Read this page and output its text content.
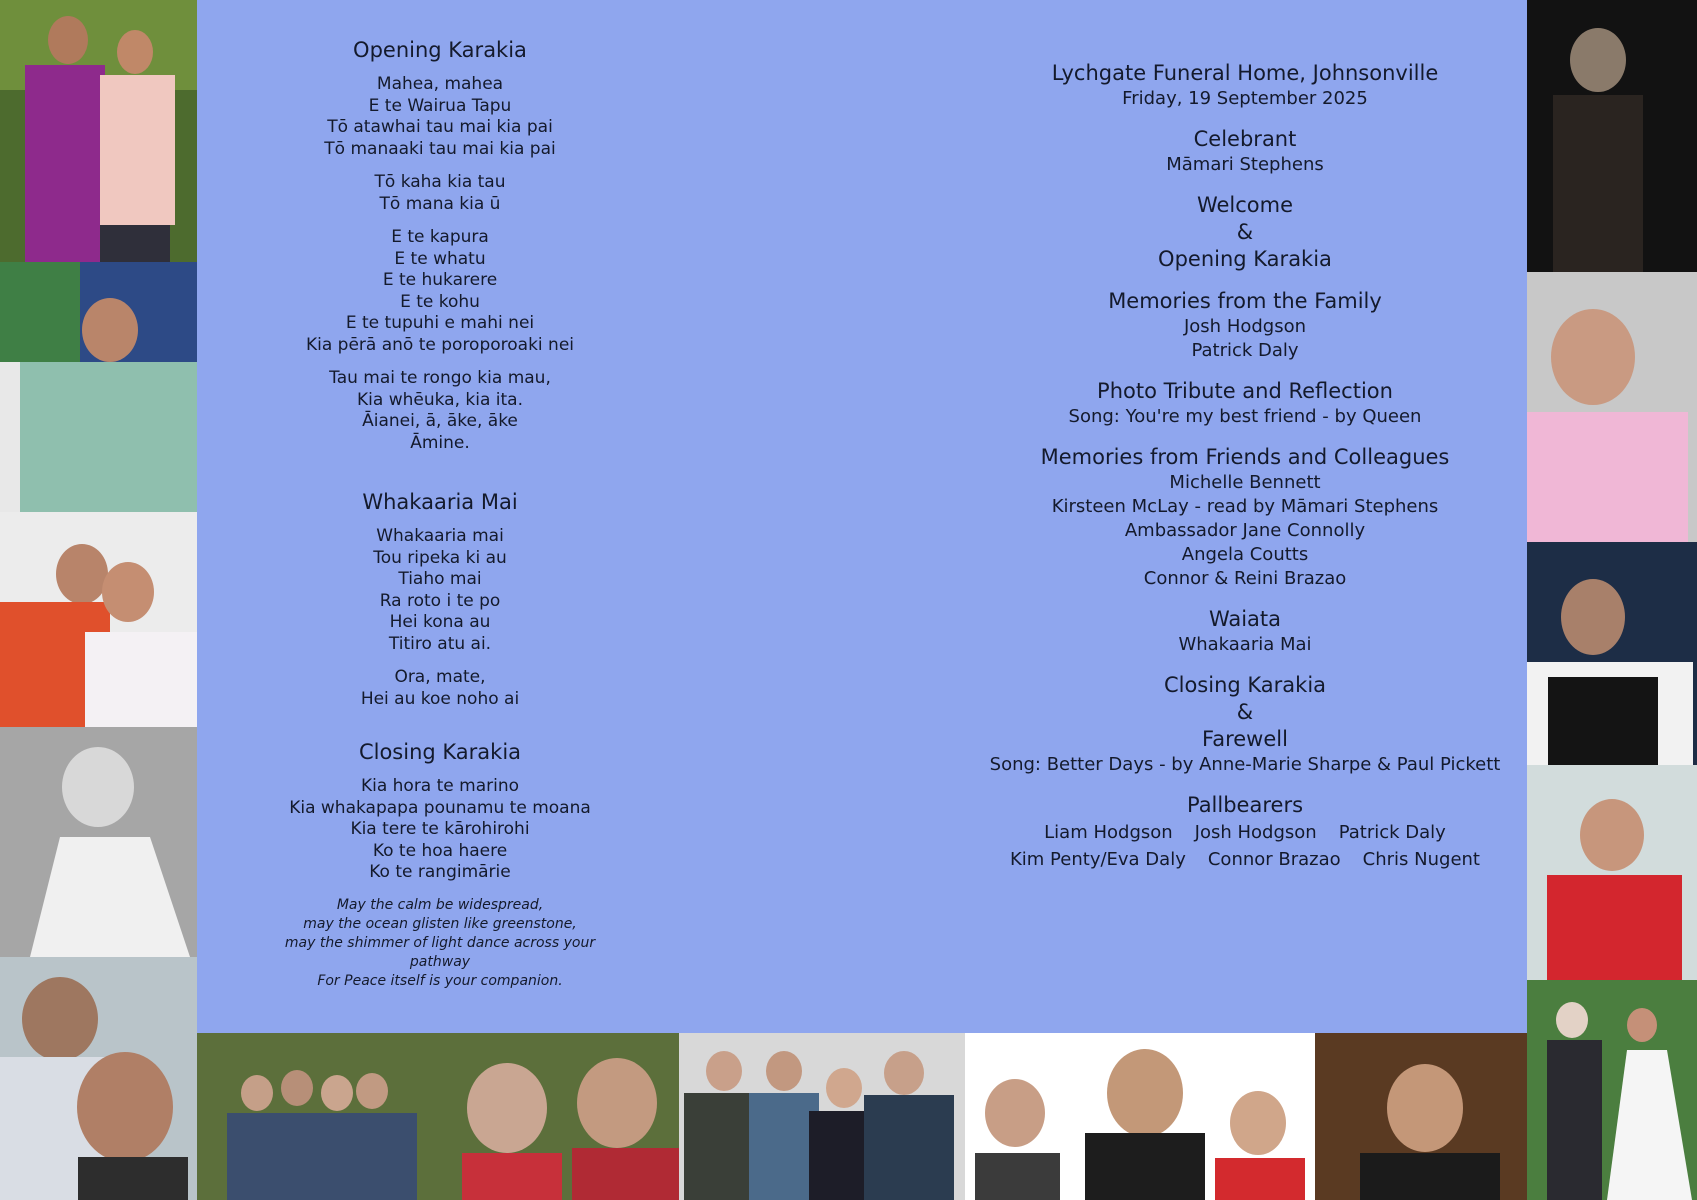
Opening Karakia
Mahea, mahea
E te Wairua Tapu
Tō atawhai tau mai kia pai
Tō manaaki tau mai kia pai
Tō kaha kia tau
Tō mana kia ū
E te kapura
E te whatu
E te hukarere
E te kohu
E te tupuhi e mahi nei
Kia pērā anō te poroporoaki nei
Tau mai te rongo kia mau,
Kia whēuka, kia ita.
Āianei, ā, āke, āke
Āmine.
Whakaaria Mai
Whakaaria mai
Tou ripeka ki au
Tiaho mai
Ra roto i te po
Hei kona au
Titiro atu ai.
Ora, mate,
Hei au koe noho ai
Closing Karakia
Kia hora te marino
Kia whakapapa pounamu te moana
Kia tere te kārohirohi
Ko te hoa haere
Ko te rangimārie
May the calm be widespread,
may the ocean glisten like greenstone,
may the shimmer of light dance across your pathway
For Peace itself is your companion.
Lychgate Funeral Home, Johnsonville
Friday, 19 September 2025
Celebrant
Māmari Stephens
Welcome
&
Opening Karakia
Memories from the Family
Josh Hodgson
Patrick Daly
Photo Tribute and Reflection
Song: You're my best friend - by Queen
Memories from Friends and Colleagues
Michelle Bennett
Kirsteen McLay - read by Māmari Stephens
Ambassador Jane Connolly
Angela Coutts
Connor & Reini Brazao
Waiata
Whakaaria Mai
Closing Karakia
&
Farewell
Song: Better Days - by Anne-Marie Sharpe & Paul Pickett
Pallbearers
Liam Hodgson Josh Hodgson Patrick Daly
Kim Penty/Eva Daly Connor Brazao Chris Nugent
